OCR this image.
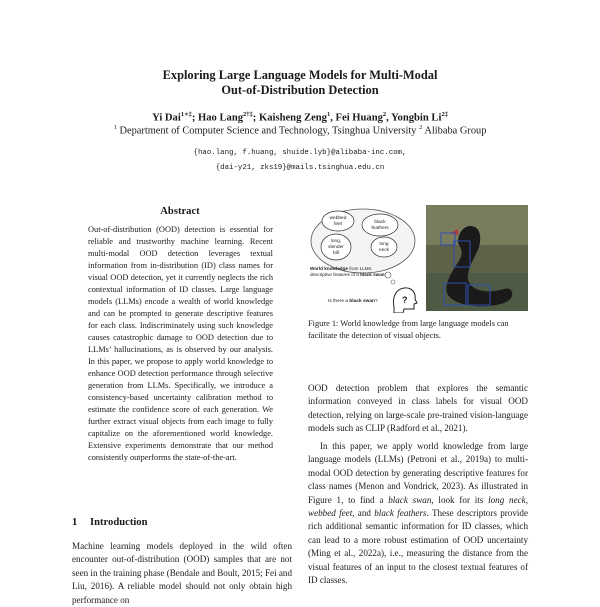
Exploring Large Language Models for Multi-Modal
Out-of-Distribution Detection
Yi Dai$^{1∗\ddagger}$; Hao Lang$^{2\dagger\ddagger}$; Kaisheng Zeng$^1$, Fei Huang$^2$, Yongbin $Li^{2\ddagger}$
$^1$ Department of Computer Science and Technology, Tsinghua University $^2$ Alibaba Group
{hao.lang, f.huang, shuide.lyb}@alibaba-inc.com,
{dai-y21, zks19}@mails.tsinghua.edu.cn
Abstract

Out-of-distribution (OOD) detection is essential for reliable and trustworthy machine learning. Recent multi-modal OOD detection leverages textual information from in-distribution (ID) class names for visual OOD detection, yet it currently neglects the rich contextual information of ID classes. Large language models (LLMs) encode a wealth of world knowledge and can be prompted to generate descriptive features for each class. Indiscriminately using such knowledge causes catastrophic damage to OOD detection due to LLMs’ hallucinations, as is observed by our analysis. In this paper, we propose to apply world knowledge to enhance OOD detection performance through selective generation from LLMs. Specifically, we introduce a consistency-based uncertainty calibration method to estimate the confidence score of each generation. We further extract visual objects from each image to fully capitalize on the aforementioned world knowledge. Extensive experiments demonstrate that our method consistently outperforms the state-of-the-art.

1 Introduction

Machine learning models deployed in the wild often encounter out-of-distribution (OOD) samples that are not seen in the training phase (Bendale and Boult, 2015; Fei and Liu, 2016). A reliable model should not only obtain high performance on

webbed
feet	black
feathers
long,
slender
bill
long
neck
World knowledge from LLMs:
descriptive features of a black swan
Is there a black swan?	?

Figure 1: World knowledge from large language models can facilitate the detection of visual objects.

OOD detection problem that explores the semantic information conveyed in class labels for visual OOD detection, relying on large-scale pre-trained vision-language models such as CLIP (Radford et al., 2021).

In this paper, we apply world knowledge from large language models (LLMs) (Petroni et al., 2019a) to multi-modal OOD detection by generating descriptive features for class names (Menon and Vondrick, 2023). As illustrated in Figure 1, to find a black swan, look for its long neck, webbed feet, and black feathers. These descriptors provide rich additional semantic information for ID classes, which can lead to a more robust estimation of OOD uncertainty (Ming et al., 2022a), i.e., measuring the distance from the visual features of an input to the closest textual features of ID classes.
